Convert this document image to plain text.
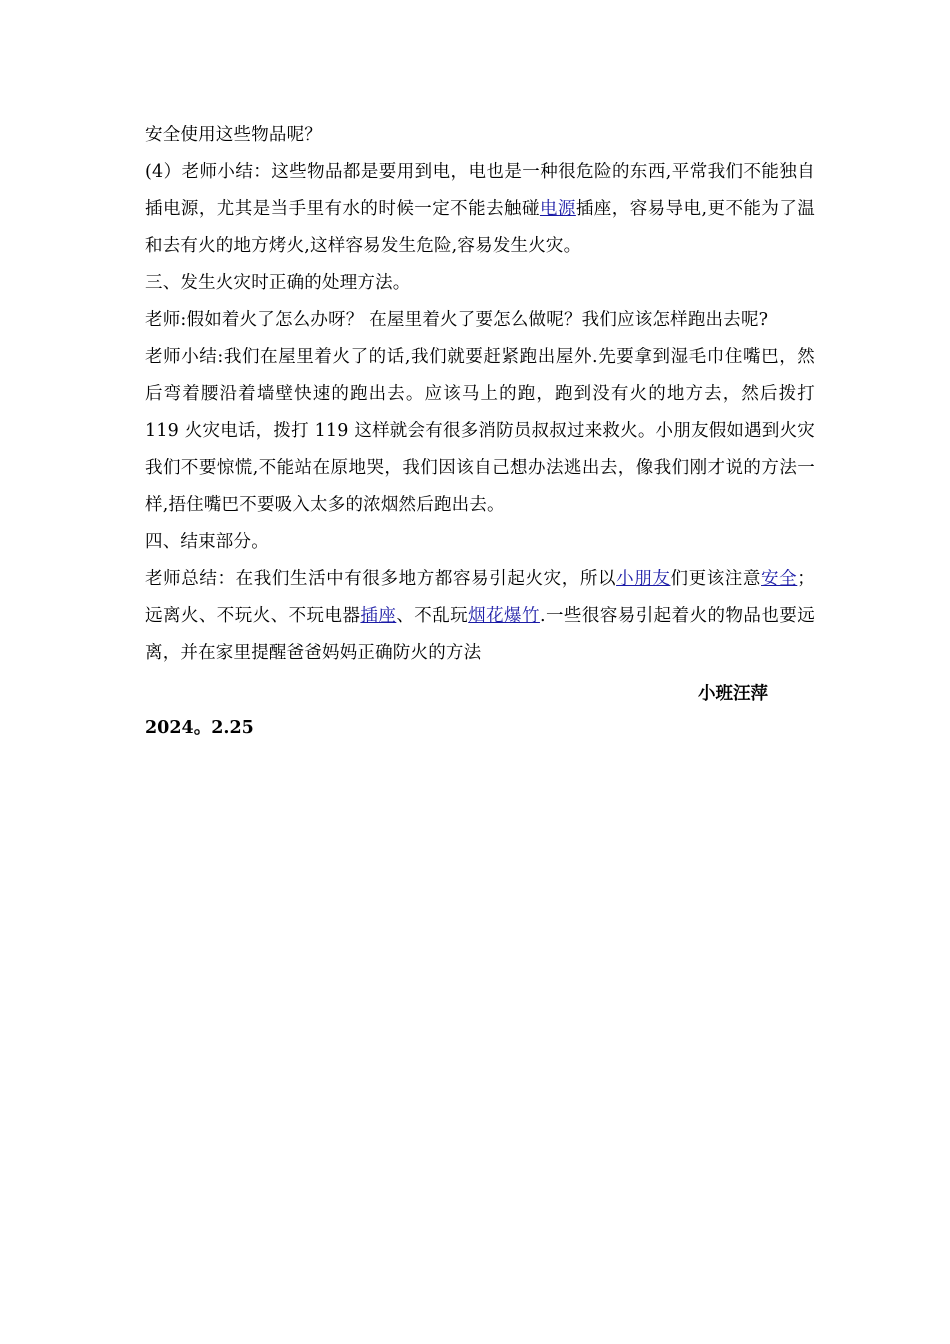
安全使用这些物品呢？

(4）老师小结：这些物品都是要用到电，电也是一种很危险的东西,平常我们不能独自插电源，尤其是当手里有水的时候一定不能去触碰电源插座，容易导电,更不能为了温和去有火的地方烤火,这样容易发生危险,容易发生火灾。

三、发生火灾时正确的处理方法。

老师:假如着火了怎么办呀？ 在屋里着火了要怎么做呢？我们应该怎样跑出去呢?

老师小结:我们在屋里着火了的话,我们就要赶紧跑出屋外.先要拿到湿毛巾住嘴巴，然后弯着腰沿着墙壁快速的跑出去。应该马上的跑，跑到没有火的地方去，然后拨打 119 火灾电话，拨打 119 这样就会有很多消防员叔叔过来救火。小朋友假如遇到火灾我们不要惊慌,不能站在原地哭，我们因该自己想办法逃出去，像我们刚才说的方法一样,捂住嘴巴不要吸入太多的浓烟然后跑出去。

四、结束部分。

老师总结：在我们生活中有很多地方都容易引起火灾，所以小朋友们更该注意安全；远离火、不玩火、不玩电器插座、不乱玩烟花爆竹.一些很容易引起着火的物品也要远离，并在家里提醒爸爸妈妈正确防火的方法

小班汪萍
2024。2.25
